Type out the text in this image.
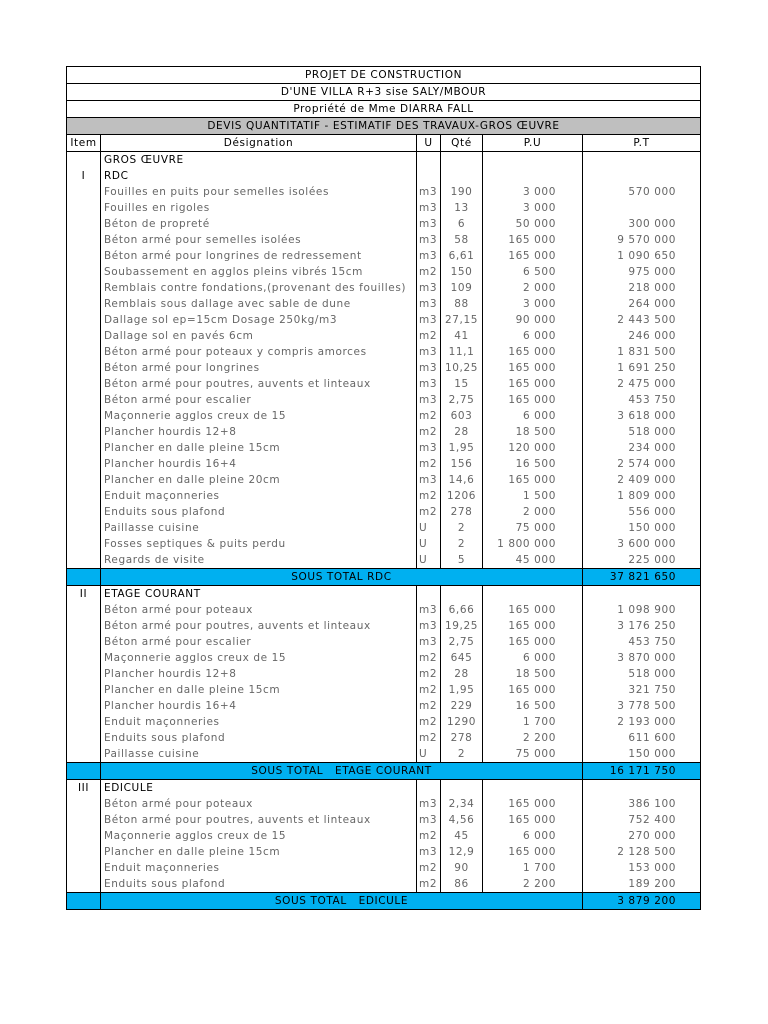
PROJET DE CONSTRUCTION					
D'UNE VILLA R+3 sise SALY/MBOUR					
Propriété de Mme DIARRA FALL					
DEVIS QUANTITATIF - ESTIMATIF DES TRAVAUX-GROS ŒUVRE					
Item	Désignation	U	Qté	P.U	P.T
	GROS ŒUVRE				
I	RDC				
	Fouilles en puits pour semelles isolées	m3	190	3 000	570 000
	Fouilles en rigoles	m3	13	3 000	
	Béton de propreté	m3	6	50 000	300 000
	Béton armé pour semelles isolées	m3	58	165 000	9 570 000
	Béton armé pour longrines de redressement	m3	6,61	165 000	1 090 650
	Soubassement en agglos pleins vibrés 15cm	m2	150	6 500	975 000
	Remblais contre fondations,(provenant des fouilles)	m3	109	2 000	218 000
	Remblais sous dallage avec sable de dune	m3	88	3 000	264 000
	Dallage sol ep=15cm Dosage 250kg/m3	m3	27,15	90 000	2 443 500
	Dallage sol en pavés 6cm	m2	41	6 000	246 000
	Béton armé pour poteaux y compris amorces	m3	11,1	165 000	1 831 500
	Béton armé pour longrines	m3	10,25	165 000	1 691 250
	Béton armé pour poutres, auvents et linteaux	m3	15	165 000	2 475 000
	Béton armé pour escalier	m3	2,75	165 000	453 750
	Maçonnerie agglos creux de 15	m2	603	6 000	3 618 000
	Plancher hourdis 12+8	m2	28	18 500	518 000
	Plancher en dalle pleine 15cm	m3	1,95	120 000	234 000
	Plancher hourdis 16+4	m2	156	16 500	2 574 000
	Plancher en dalle pleine 20cm	m3	14,6	165 000	2 409 000
	Enduit maçonneries	m2	1206	1 500	1 809 000
	Enduits sous plafond	m2	278	2 000	556 000
	Paillasse cuisine	U	2	75 000	150 000
	Fosses septiques & puits perdu	U	2	1 800 000	3 600 000
	Regards de visite	U	5	45 000	225 000
	SOUS TOTAL RDC				37 821 650
II	ETAGE COURANT				
	Béton armé pour poteaux	m3	6,66	165 000	1 098 900
	Béton armé pour poutres, auvents et linteaux	m3	19,25	165 000	3 176 250
	Béton armé pour escalier	m3	2,75	165 000	453 750
	Maçonnerie agglos creux de 15	m2	645	6 000	3 870 000
	Plancher hourdis 12+8	m2	28	18 500	518 000
	Plancher en dalle pleine 15cm	m2	1,95	165 000	321 750
	Plancher hourdis 16+4	m2	229	16 500	3 778 500
	Enduit maçonneries	m2	1290	1 700	2 193 000
	Enduits sous plafond	m2	278	2 200	611 600
	Paillasse cuisine	U	2	75 000	150 000
	SOUS TOTAL   ETAGE COURANT				16 171 750
III	EDICULE				
	Béton armé pour poteaux	m3	2,34	165 000	386 100
	Béton armé pour poutres, auvents et linteaux	m3	4,56	165 000	752 400
	Maçonnerie agglos creux de 15	m2	45	6 000	270 000
	Plancher en dalle pleine 15cm	m3	12,9	165 000	2 128 500
	Enduit maçonneries	m2	90	1 700	153 000
	Enduits sous plafond	m2	86	2 200	189 200
	SOUS TOTAL   EDICULE				3 879 200
